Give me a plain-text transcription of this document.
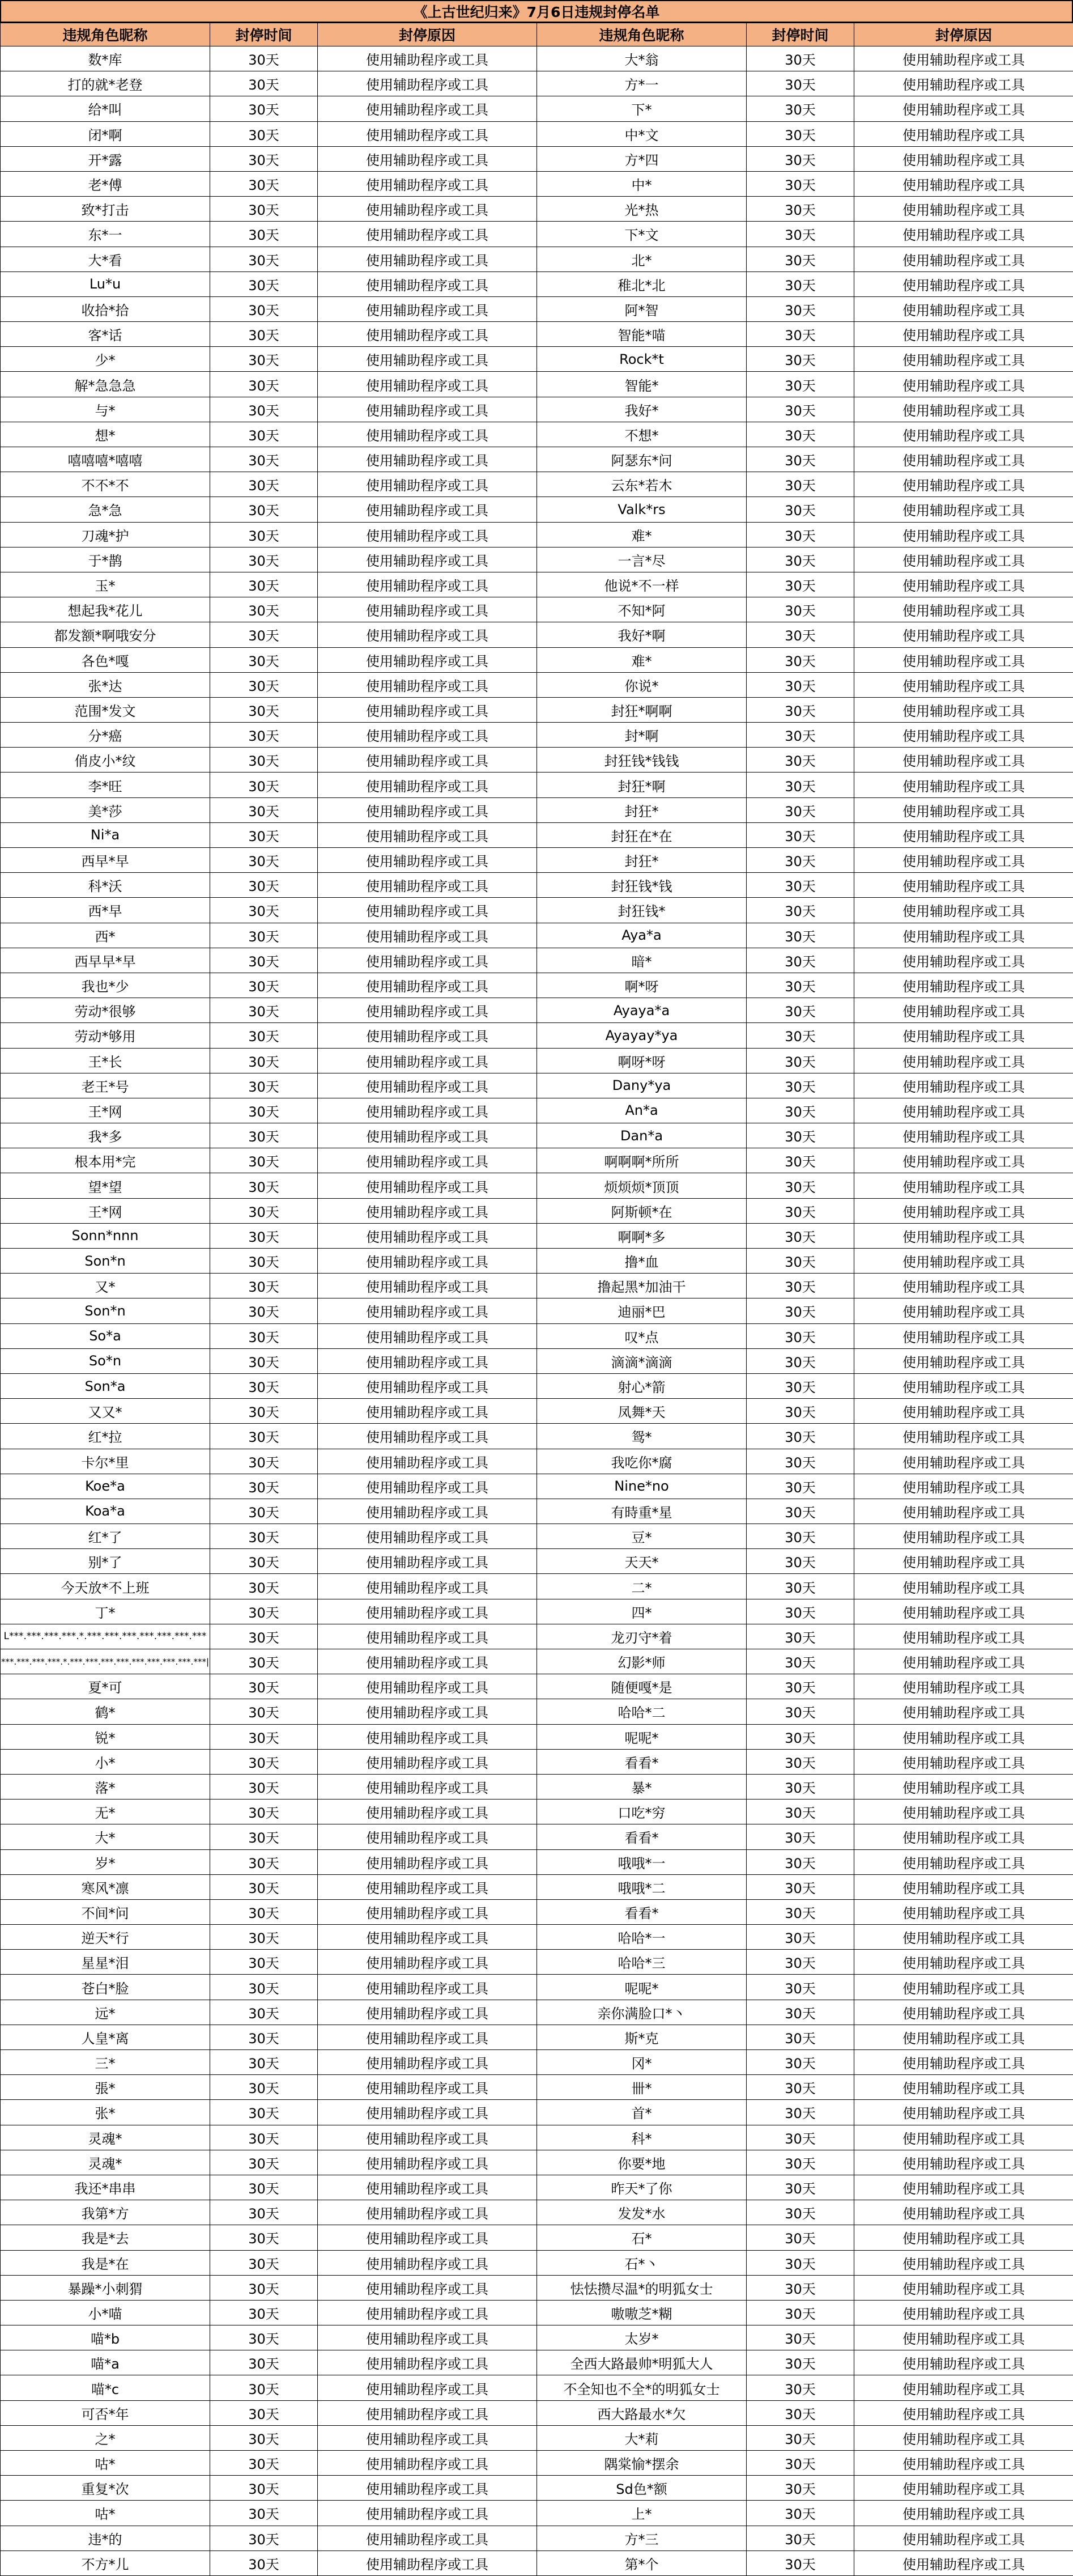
《上古世纪归来》7月6日违规封停名单
违规角色昵称	封停时间	封停原因	违规角色昵称	封停时间	封停原因
数*库	30天	使用辅助程序或工具	大*翁	30天	使用辅助程序或工具
打的就*老登	30天	使用辅助程序或工具	方*一	30天	使用辅助程序或工具
给*叫	30天	使用辅助程序或工具	下*	30天	使用辅助程序或工具
闭*啊	30天	使用辅助程序或工具	中*文	30天	使用辅助程序或工具
开*露	30天	使用辅助程序或工具	方*四	30天	使用辅助程序或工具
老*傅	30天	使用辅助程序或工具	中*	30天	使用辅助程序或工具
致*打击	30天	使用辅助程序或工具	光*热	30天	使用辅助程序或工具
东*一	30天	使用辅助程序或工具	下*文	30天	使用辅助程序或工具
大*看	30天	使用辅助程序或工具	北*	30天	使用辅助程序或工具
Lu*u	30天	使用辅助程序或工具	稚北*北	30天	使用辅助程序或工具
收拾*拾	30天	使用辅助程序或工具	阿*智	30天	使用辅助程序或工具
客*话	30天	使用辅助程序或工具	智能*喵	30天	使用辅助程序或工具
少*	30天	使用辅助程序或工具	Rock*t	30天	使用辅助程序或工具
解*急急急	30天	使用辅助程序或工具	智能*	30天	使用辅助程序或工具
与*	30天	使用辅助程序或工具	我好*	30天	使用辅助程序或工具
想*	30天	使用辅助程序或工具	不想*	30天	使用辅助程序或工具
嘻嘻嘻*嘻嘻	30天	使用辅助程序或工具	阿瑟东*问	30天	使用辅助程序或工具
不不*不	30天	使用辅助程序或工具	云东*若木	30天	使用辅助程序或工具
急*急	30天	使用辅助程序或工具	Valk*rs	30天	使用辅助程序或工具
刀魂*护	30天	使用辅助程序或工具	难*	30天	使用辅助程序或工具
于*鹊	30天	使用辅助程序或工具	一言*尽	30天	使用辅助程序或工具
玉*	30天	使用辅助程序或工具	他说*不一样	30天	使用辅助程序或工具
想起我*花儿	30天	使用辅助程序或工具	不知*阿	30天	使用辅助程序或工具
都发额*啊哦安分	30天	使用辅助程序或工具	我好*啊	30天	使用辅助程序或工具
各色*嘎	30天	使用辅助程序或工具	难*	30天	使用辅助程序或工具
张*达	30天	使用辅助程序或工具	你说*	30天	使用辅助程序或工具
范围*发文	30天	使用辅助程序或工具	封狂*啊啊	30天	使用辅助程序或工具
分*癌	30天	使用辅助程序或工具	封*啊	30天	使用辅助程序或工具
俏皮小*纹	30天	使用辅助程序或工具	封狂钱*钱钱	30天	使用辅助程序或工具
李*旺	30天	使用辅助程序或工具	封狂*啊	30天	使用辅助程序或工具
美*莎	30天	使用辅助程序或工具	封狂*	30天	使用辅助程序或工具
Ni*a	30天	使用辅助程序或工具	封狂在*在	30天	使用辅助程序或工具
西早*早	30天	使用辅助程序或工具	封狂*	30天	使用辅助程序或工具
科*沃	30天	使用辅助程序或工具	封狂钱*钱	30天	使用辅助程序或工具
西*早	30天	使用辅助程序或工具	封狂钱*	30天	使用辅助程序或工具
西*	30天	使用辅助程序或工具	Aya*a	30天	使用辅助程序或工具
西早早*早	30天	使用辅助程序或工具	暗*	30天	使用辅助程序或工具
我也*少	30天	使用辅助程序或工具	啊*呀	30天	使用辅助程序或工具
劳动*很够	30天	使用辅助程序或工具	Ayaya*a	30天	使用辅助程序或工具
劳动*够用	30天	使用辅助程序或工具	Ayayay*ya	30天	使用辅助程序或工具
王*长	30天	使用辅助程序或工具	啊呀*呀	30天	使用辅助程序或工具
老王*号	30天	使用辅助程序或工具	Dany*ya	30天	使用辅助程序或工具
王*网	30天	使用辅助程序或工具	An*a	30天	使用辅助程序或工具
我*多	30天	使用辅助程序或工具	Dan*a	30天	使用辅助程序或工具
根本用*完	30天	使用辅助程序或工具	啊啊啊*所所	30天	使用辅助程序或工具
望*望	30天	使用辅助程序或工具	烦烦烦*顶顶	30天	使用辅助程序或工具
王*网	30天	使用辅助程序或工具	阿斯顿*在	30天	使用辅助程序或工具
Sonn*nnn	30天	使用辅助程序或工具	啊啊*多	30天	使用辅助程序或工具
Son*n	30天	使用辅助程序或工具	撸*血	30天	使用辅助程序或工具
又*	30天	使用辅助程序或工具	撸起黑*加油干	30天	使用辅助程序或工具
Son*n	30天	使用辅助程序或工具	迪丽*巴	30天	使用辅助程序或工具
So*a	30天	使用辅助程序或工具	叹*点	30天	使用辅助程序或工具
So*n	30天	使用辅助程序或工具	滴滴*滴滴	30天	使用辅助程序或工具
Son*a	30天	使用辅助程序或工具	射心*箭	30天	使用辅助程序或工具
又又*	30天	使用辅助程序或工具	凤舞*天	30天	使用辅助程序或工具
红*拉	30天	使用辅助程序或工具	鸳*	30天	使用辅助程序或工具
卡尔*里	30天	使用辅助程序或工具	我吃你*腐	30天	使用辅助程序或工具
Koe*a	30天	使用辅助程序或工具	Nine*no	30天	使用辅助程序或工具
Koa*a	30天	使用辅助程序或工具	有時重*星	30天	使用辅助程序或工具
红*了	30天	使用辅助程序或工具	豆*	30天	使用辅助程序或工具
别*了	30天	使用辅助程序或工具	天天*	30天	使用辅助程序或工具
今天放*不上班	30天	使用辅助程序或工具	二*	30天	使用辅助程序或工具
丁*	30天	使用辅助程序或工具	四*	30天	使用辅助程序或工具
L***.***.***.***.*.***.***.***.***.***.***.***	30天	使用辅助程序或工具	龙刃守*着	30天	使用辅助程序或工具
***.***.***.***.*.***.***.***.***.***.***.***.***.***|	30天	使用辅助程序或工具	幻影*师	30天	使用辅助程序或工具
夏*可	30天	使用辅助程序或工具	随便嘎*是	30天	使用辅助程序或工具
鹤*	30天	使用辅助程序或工具	哈哈*二	30天	使用辅助程序或工具
锐*	30天	使用辅助程序或工具	呢呢*	30天	使用辅助程序或工具
小*	30天	使用辅助程序或工具	看看*	30天	使用辅助程序或工具
落*	30天	使用辅助程序或工具	暴*	30天	使用辅助程序或工具
无*	30天	使用辅助程序或工具	口吃*穷	30天	使用辅助程序或工具
大*	30天	使用辅助程序或工具	看看*	30天	使用辅助程序或工具
岁*	30天	使用辅助程序或工具	哦哦*一	30天	使用辅助程序或工具
寒风*凛	30天	使用辅助程序或工具	哦哦*二	30天	使用辅助程序或工具
不间*问	30天	使用辅助程序或工具	看看*	30天	使用辅助程序或工具
逆天*行	30天	使用辅助程序或工具	哈哈*一	30天	使用辅助程序或工具
星星*泪	30天	使用辅助程序或工具	哈哈*三	30天	使用辅助程序或工具
苍白*脸	30天	使用辅助程序或工具	呢呢*	30天	使用辅助程序或工具
远*	30天	使用辅助程序或工具	亲你满脸口*丶	30天	使用辅助程序或工具
人皇*离	30天	使用辅助程序或工具	斯*克	30天	使用辅助程序或工具
三*	30天	使用辅助程序或工具	冈*	30天	使用辅助程序或工具
張*	30天	使用辅助程序或工具	卌*	30天	使用辅助程序或工具
张*	30天	使用辅助程序或工具	首*	30天	使用辅助程序或工具
灵魂*	30天	使用辅助程序或工具	科*	30天	使用辅助程序或工具
灵魂*	30天	使用辅助程序或工具	你要*地	30天	使用辅助程序或工具
我还*串串	30天	使用辅助程序或工具	昨天*了你	30天	使用辅助程序或工具
我第*方	30天	使用辅助程序或工具	发发*水	30天	使用辅助程序或工具
我是*去	30天	使用辅助程序或工具	石*	30天	使用辅助程序或工具
我是*在	30天	使用辅助程序或工具	石*丶	30天	使用辅助程序或工具
暴躁*小刺猬	30天	使用辅助程序或工具	怯怯攒尽温*的明狐女士	30天	使用辅助程序或工具
小*喵	30天	使用辅助程序或工具	嗷嗷芝*糊	30天	使用辅助程序或工具
喵*b	30天	使用辅助程序或工具	太岁*	30天	使用辅助程序或工具
喵*a	30天	使用辅助程序或工具	全西大路最帅*明狐大人	30天	使用辅助程序或工具
喵*c	30天	使用辅助程序或工具	不全知也不全*的明狐女士	30天	使用辅助程序或工具
可否*年	30天	使用辅助程序或工具	西大路最水*欠	30天	使用辅助程序或工具
之*	30天	使用辅助程序或工具	大*莉	30天	使用辅助程序或工具
咕*	30天	使用辅助程序或工具	隅棠愉*摆余	30天	使用辅助程序或工具
重复*次	30天	使用辅助程序或工具	Sd色*额	30天	使用辅助程序或工具
咕*	30天	使用辅助程序或工具	上*	30天	使用辅助程序或工具
违*的	30天	使用辅助程序或工具	方*三	30天	使用辅助程序或工具
不方*儿	30天	使用辅助程序或工具	第*个	30天	使用辅助程序或工具
